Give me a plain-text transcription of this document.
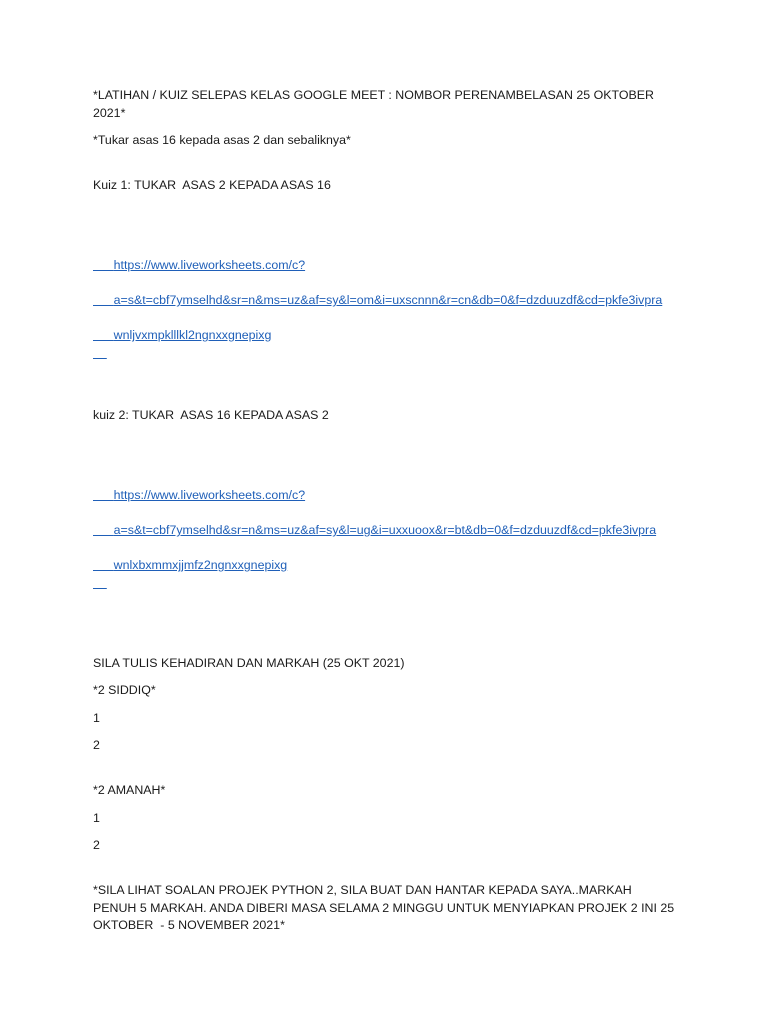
*LATIHAN / KUIZ SELEPAS KELAS GOOGLE MEET : NOMBOR PERENAMBELASAN 25 OKTOBER 2021*

*Tukar asas 16 kepada asas 2 dan sebaliknya*

Kuiz 1: TUKAR  ASAS 2 KEPADA ASAS 16

https://www.liveworksheets.com/c?

a=s&t=cbf7ymselhd&sr=n&ms=uz&af=sy&l=om&i=uxscnnn&r=cn&db=0&f=dzduuzdf&cd=pkfe3ivpra

wnljvxmpklllkl2ngnxxgnepixg

kuiz 2: TUKAR  ASAS 16 KEPADA ASAS 2

https://www.liveworksheets.com/c?

a=s&t=cbf7ymselhd&sr=n&ms=uz&af=sy&l=ug&i=uxxuoox&r=bt&db=0&f=dzduuzdf&cd=pkfe3ivpra

wnlxbxmmxjjmfz2ngnxxgnepixg

SILA TULIS KEHADIRAN DAN MARKAH (25 OKT 2021)

*2 SIDDIQ*

1

2

*2 AMANAH*

1

2

*SILA LIHAT SOALAN PROJEK PYTHON 2, SILA BUAT DAN HANTAR KEPADA SAYA..MARKAH PENUH 5 MARKAH. ANDA DIBERI MASA SELAMA 2 MINGGU UNTUK MENYIAPKAN PROJEK 2 INI 25 OKTOBER  - 5 NOVEMBER 2021*
